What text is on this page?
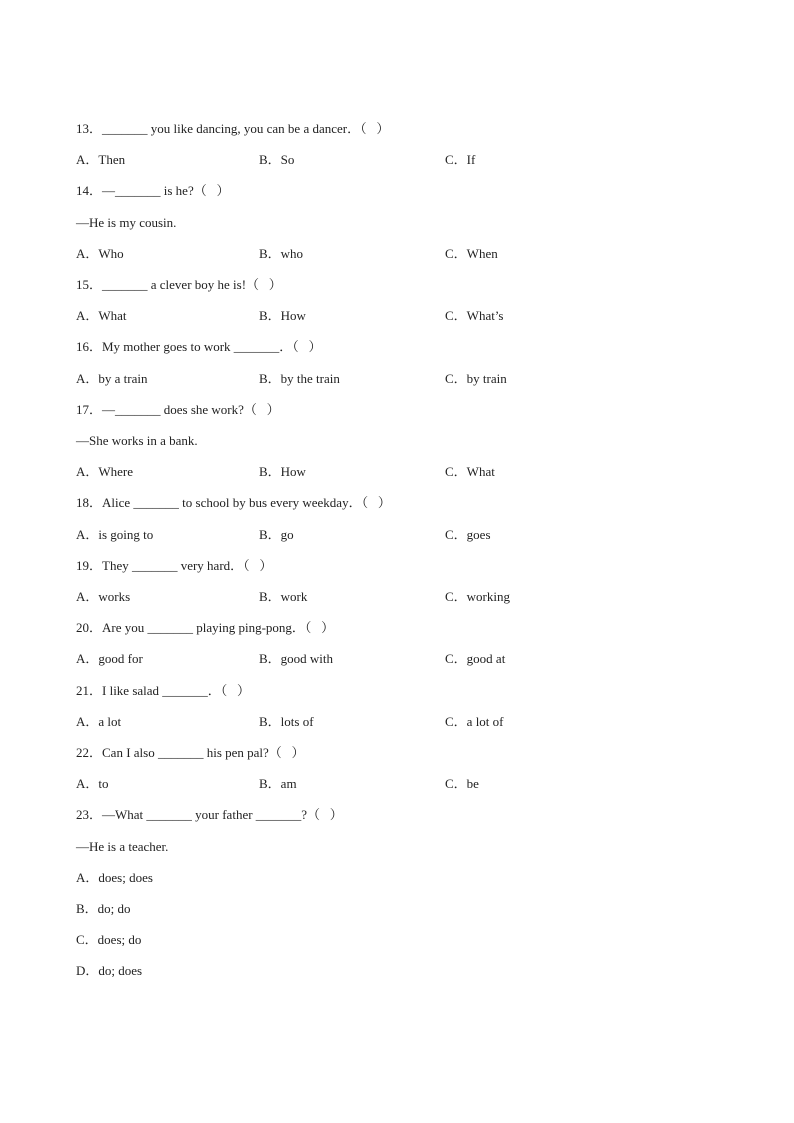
13．_______ you like dancing, you can be a dancer．（   ）
A．Then	B．So	C．If
14．—_______ is he?（   ）
—He is my cousin.
A．Who	B．who	C．When
15．_______ a clever boy he is!（   ）
A．What	B．How	C．What’s
16．My mother goes to work _______．（   ）
A．by a train	B．by the train	C．by train
17．—_______ does she work?（   ）
—She works in a bank.
A．Where	B．How	C．What
18．Alice _______ to school by bus every weekday．（   ）
A．is going to	B．go	C．goes
19．They _______ very hard．（   ）
A．works	B．work	C．working
20．Are you _______ playing ping-pong．（   ）
A．good for	B．good with	C．good at
21．I like salad _______．（   ）
A．a lot	B．lots of	C．a lot of
22．Can I also _______ his pen pal?（   ）
A．to	B．am	C．be
23．—What _______ your father _______?（   ）
—He is a teacher.
A．does; does
B．do; do
C．does; do
D．do; does
